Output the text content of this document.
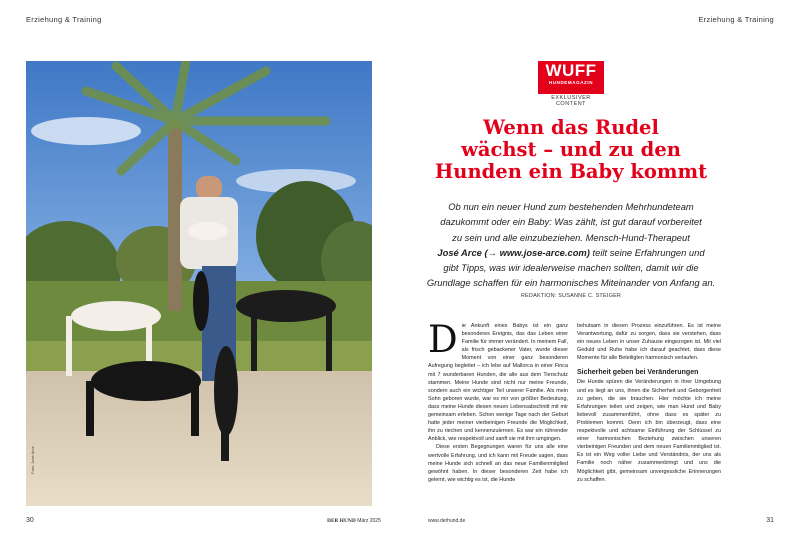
Erziehung & Training	Erziehung & Training
Foto: José Arce
WUFF
HUNDEMAGAZIN
EXKLUSIVER CONTENT
Wenn das Rudel
wächst – und zu den
Hunden ein Baby kommt
Ob nun ein neuer Hund zum bestehenden Mehrhundeteam
dazukommt oder ein Baby: Was zählt, ist gut darauf vorbereitet
zu sein und alle einzubeziehen. Mensch-Hund-Therapeut
José Arce (→ www.jose-arce.com) teilt seine Erfahrungen und
gibt Tipps, was wir idealerweise machen sollten, damit wir die
Grundlage schaffen für ein harmonisches Miteinander von Anfang an.
REDAKTION: SUSANNE C. STEIGER

Die Ankunft eines Babys ist ein ganz besonderes Ereignis, das das Leben einer Familie für immer verändert. In meinem Fall, als frisch gebackener Vater, wurde dieser Moment von einer ganz besonderen Aufregung begleitet – ich lebe auf Mallorca in einer Finca mit 7 wunderbaren Hunden, die alle aus dem Tierschutz stammen. Meine Hunde sind nicht nur meine Freunde, sondern auch ein wichtiger Teil unserer Familie. Als mein Sohn geboren wurde, war es mir von größter Bedeutung, dass meine Hunde diesen neuen Lebensabschnitt mit mir gemeinsam erleben. Schon wenige Tage nach der Geburt hatte jeder meiner vierbeinigen Freunde die Möglichkeit, ihn zu riechen und kennenzulernen. Es war ein rührender Anblick, wie respektvoll und sanft sie mit ihm umgingen.

Diese ersten Begegnungen waren für uns alle eine wertvolle Erfahrung, und ich kann mit Freude sagen, dass meine Hunde sich schnell an das neue Familienmitglied gewöhnt haben. In dieser besonderen Zeit habe ich gelernt, wie wichtig es ist, die Hunde

behutsam in diesen Prozess einzuführen. Es ist meine Verantwortung, dafür zu sorgen, dass sie verstehen, dass ein neues Leben in unser Zuhause eingezogen ist. Mit viel Geduld und Ruhe habe ich darauf geachtet, dass diese Momente für alle Beteiligten harmonisch verlaufen.

Sicherheit geben bei Veränderungen

Die Hunde spüren die Veränderungen in ihrer Umgebung und es liegt an uns, ihnen die Sicherheit und Geborgenheit zu geben, die sie brauchen. Hier möchte ich meine Erfahrungen teilen und zeigen, wie man Hund und Baby liebevoll zusammenführt, ohne dass es später zu Problemen kommt. Denn ich bin überzeugt, dass eine respektvolle und achtsame Einführung der Schlüssel zu einer harmonischen Beziehung zwischen unseren vierbeinigen Freunden und dem neuen Familienmitglied ist. Es ist ein Weg voller Liebe und Verständnis, der uns als Familie noch näher zusammenbringt und uns die Möglichkeit gibt, gemeinsam unvergessliche Erinnerungen zu schaffen.

30	DER HUND März 2025	www.derhund.de	31
